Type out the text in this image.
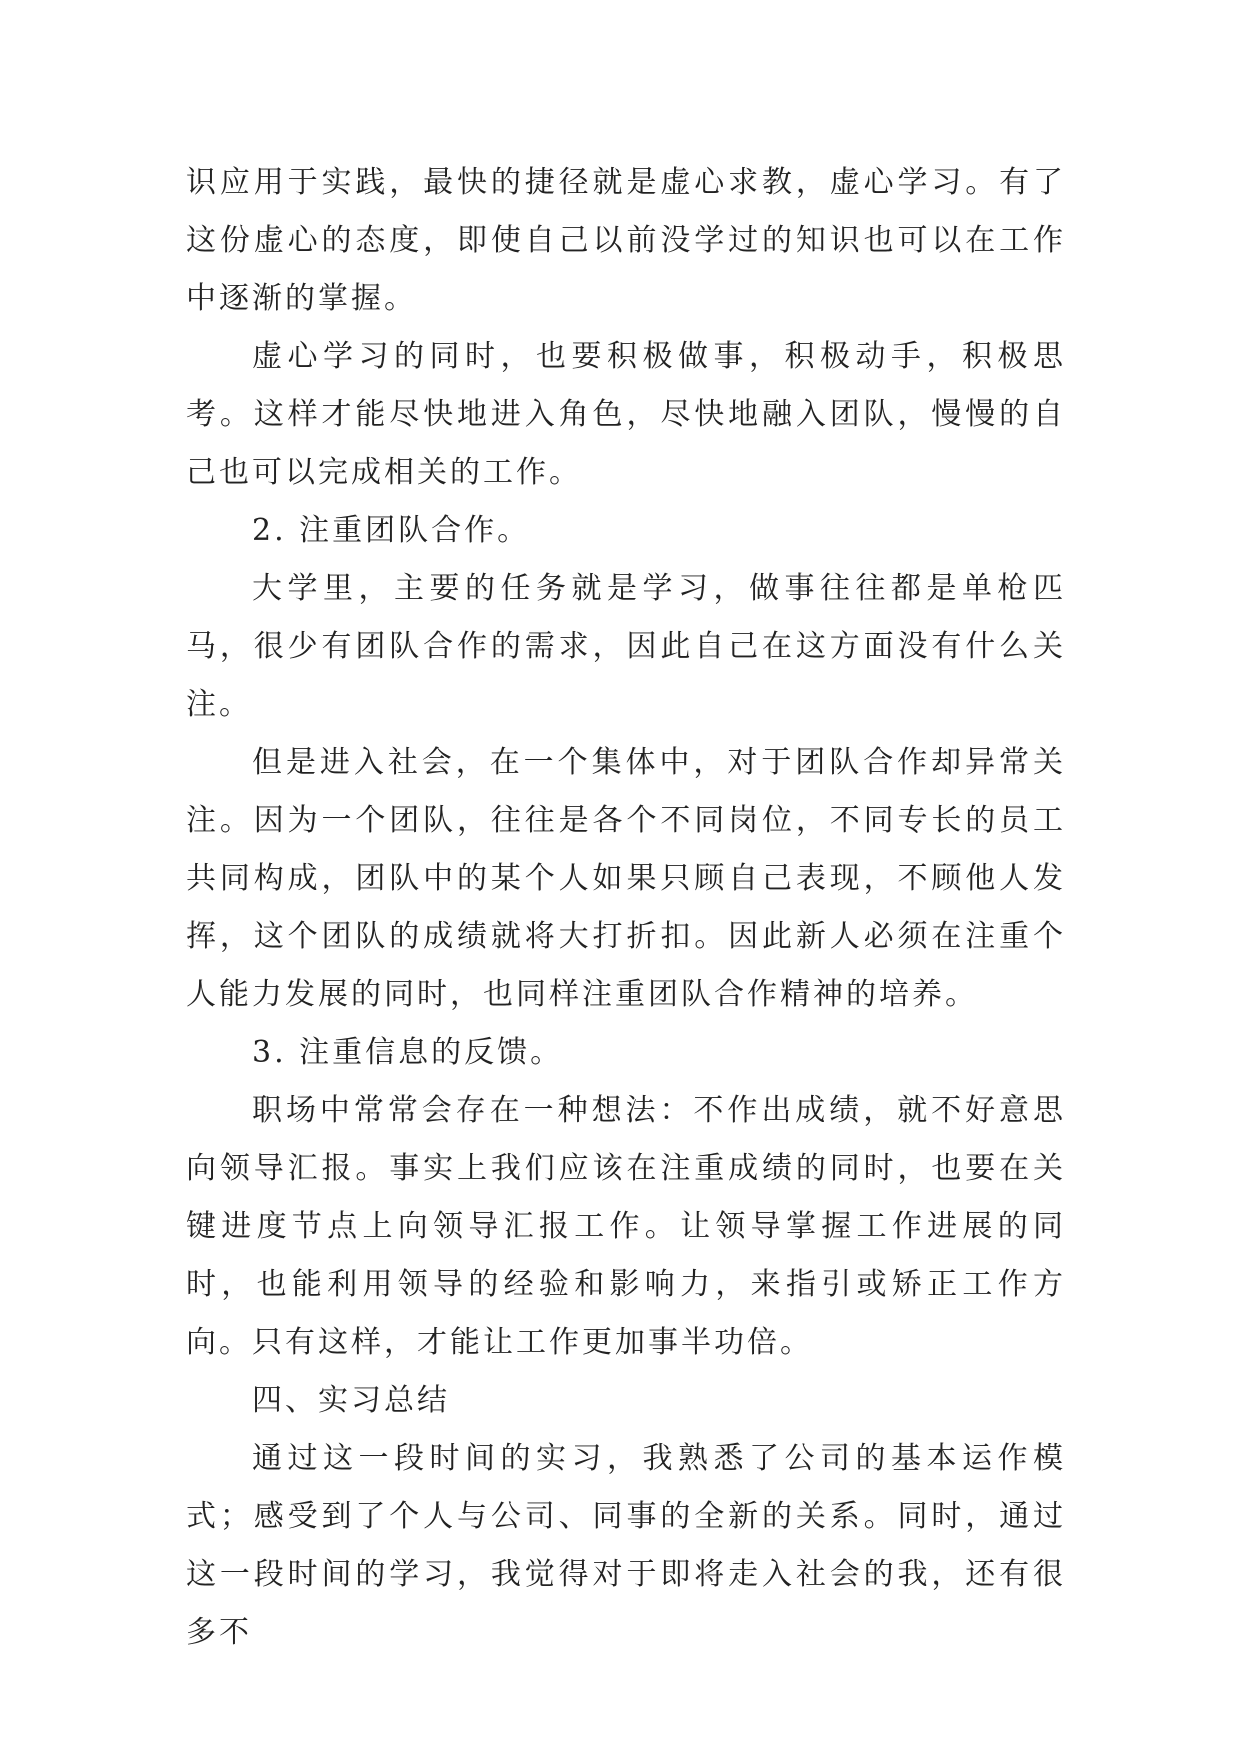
识应用于实践，最快的捷径就是虚心求教，虚心学习。有了这份虚心的态度，即使自己以前没学过的知识也可以在工作中逐渐的掌握。

虚心学习的同时，也要积极做事，积极动手，积极思考。这样才能尽快地进入角色，尽快地融入团队，慢慢的自己也可以完成相关的工作。

2. 注重团队合作。

大学里，主要的任务就是学习，做事往往都是单枪匹马，很少有团队合作的需求，因此自己在这方面没有什么关注。

但是进入社会，在一个集体中，对于团队合作却异常关注。因为一个团队，往往是各个不同岗位，不同专长的员工共同构成，团队中的某个人如果只顾自己表现，不顾他人发挥，这个团队的成绩就将大打折扣。因此新人必须在注重个人能力发展的同时，也同样注重团队合作精神的培养。

3. 注重信息的反馈。

职场中常常会存在一种想法：不作出成绩，就不好意思向领导汇报。事实上我们应该在注重成绩的同时，也要在关键进度节点上向领导汇报工作。让领导掌握工作进展的同时，也能利用领导的经验和影响力，来指引或矫正工作方向。只有这样，才能让工作更加事半功倍。

四、实习总结

通过这一段时间的实习，我熟悉了公司的基本运作模式；感受到了个人与公司、同事的全新的关系。同时，通过这一段时间的学习，我觉得对于即将走入社会的我，还有很多不
